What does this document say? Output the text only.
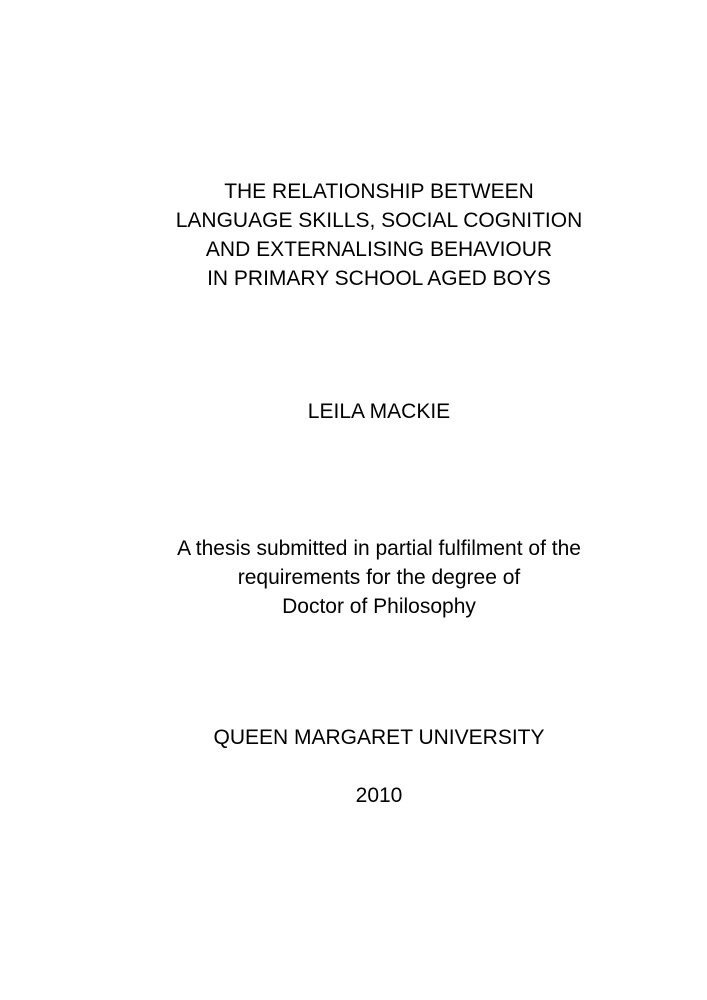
THE RELATIONSHIP BETWEEN
LANGUAGE SKILLS, SOCIAL COGNITION
AND EXTERNALISING BEHAVIOUR
IN PRIMARY SCHOOL AGED BOYS
LEILA MACKIE
A thesis submitted in partial fulfilment of the
requirements for the degree of
Doctor of Philosophy
QUEEN MARGARET UNIVERSITY
2010
